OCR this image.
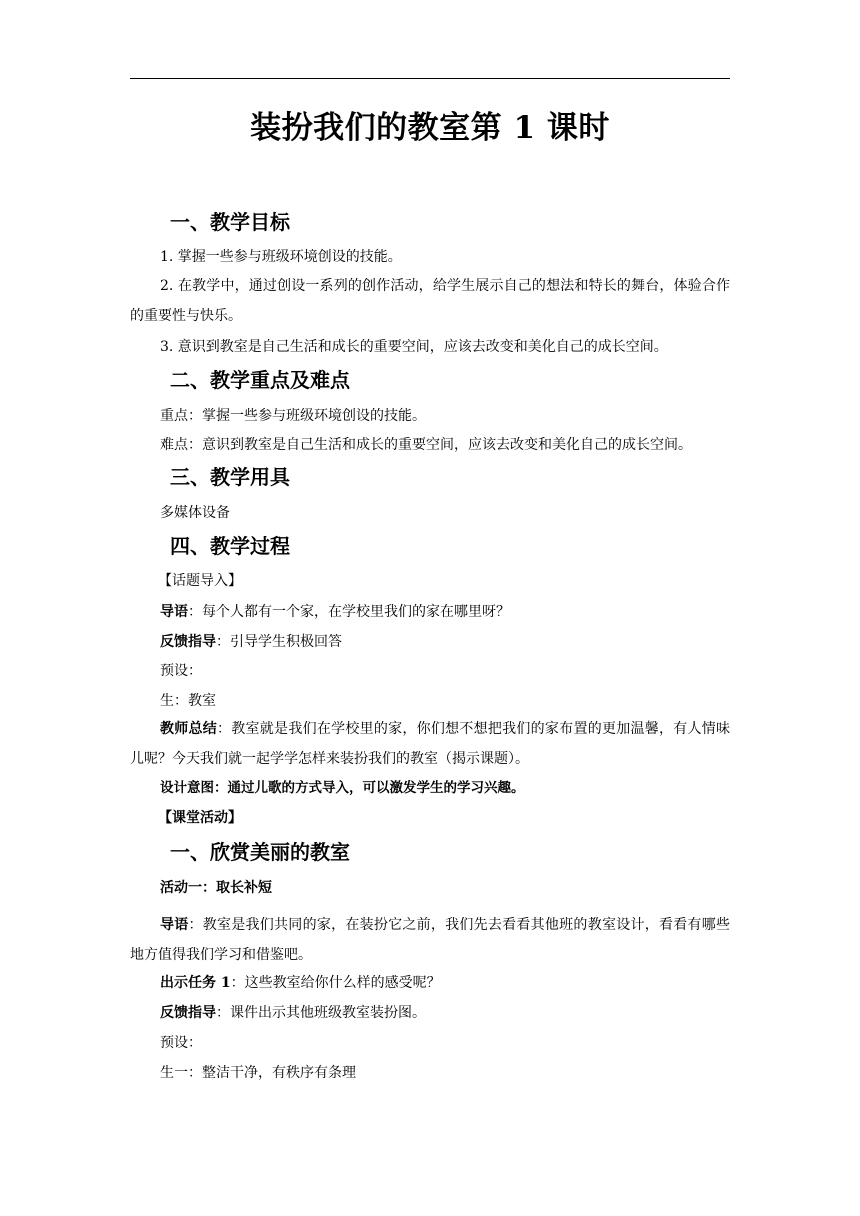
装扮我们的教室第 1 课时
一、教学目标

1. 掌握一些参与班级环境创设的技能。

2. 在教学中，通过创设一系列的创作活动，给学生展示自己的想法和特长的舞台，体验合作的重要性与快乐。

3. 意识到教室是自己生活和成长的重要空间，应该去改变和美化自己的成长空间。

二、教学重点及难点

重点：掌握一些参与班级环境创设的技能。

难点：意识到教室是自己生活和成长的重要空间，应该去改变和美化自己的成长空间。

三、教学用具

多媒体设备

四、教学过程

【话题导入】

导语：每个人都有一个家，在学校里我们的家在哪里呀？

反馈指导：引导学生积极回答

预设：

生：教室

教师总结：教室就是我们在学校里的家，你们想不想把我们的家布置的更加温馨，有人情味儿呢？今天我们就一起学学怎样来装扮我们的教室（揭示课题）。

设计意图：通过儿歌的方式导入，可以激发学生的学习兴趣。

【课堂活动】

一、欣赏美丽的教室

活动一：取长补短

导语：教室是我们共同的家，在装扮它之前，我们先去看看其他班的教室设计，看看有哪些地方值得我们学习和借鉴吧。

出示任务 1：这些教室给你什么样的感受呢？

反馈指导：课件出示其他班级教室装扮图。

预设：

生一：整洁干净，有秩序有条理
